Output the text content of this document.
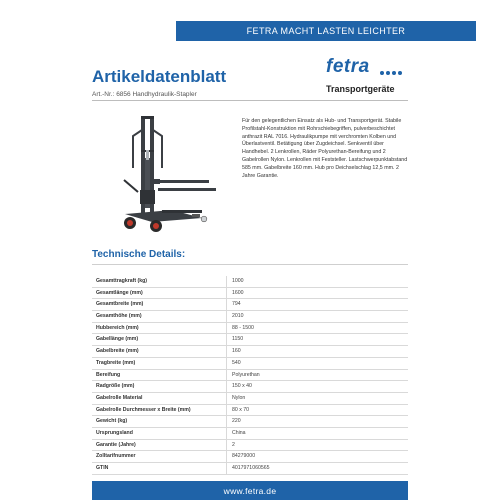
FETRA MACHT LASTEN LEICHTER
Artikeldatenblatt
Art.-Nr.: 6856 Handhydraulik-Stapler
fetra
Transportgeräte
Für den gelegentlichen Einsatz als Hub- und Transportgerät. Stabile Profilstahl-Konstruktion mit Rohrschiebegriffen, pulverbeschichtet anthrazit RAL 7016. Hydraulikpumpe mit verchromten Kolben und Überlastventil. Betätigung über Zugdeichsel. Senkventil über Handhebel. 2 Lenkrollen, Räder Polyurethan-Bereifung und 2 Gabelrollen Nylon. Lenkrollen mit Feststeller. Lastschwerpunktabstand 585 mm. Gabelbreite 160 mm. Hub pro Deichselschlag 12,5 mm. 2 Jahre Garantie.
Technische Details:
Gesamttragkraft (kg)	1000
Gesamtlänge (mm)	1600
Gesamtbreite (mm)	794
Gesamthöhe (mm)	2010
Hubbereich (mm)	88 - 1500
Gabellänge (mm)	1150
Gabelbreite (mm)	160
Tragbreite (mm)	540
Bereifung	Polyurethan
Radgröße (mm)	150 x 40
Gabelrolle Material	Nylon
Gabelrolle Durchmesser x Breite (mm)	80 x 70
Gewicht (kg)	220
Ursprungsland	China
Garantie (Jahre)	2
Zolltarifnummer	84279000
GTIN	4017971060565
www.fetra.de
